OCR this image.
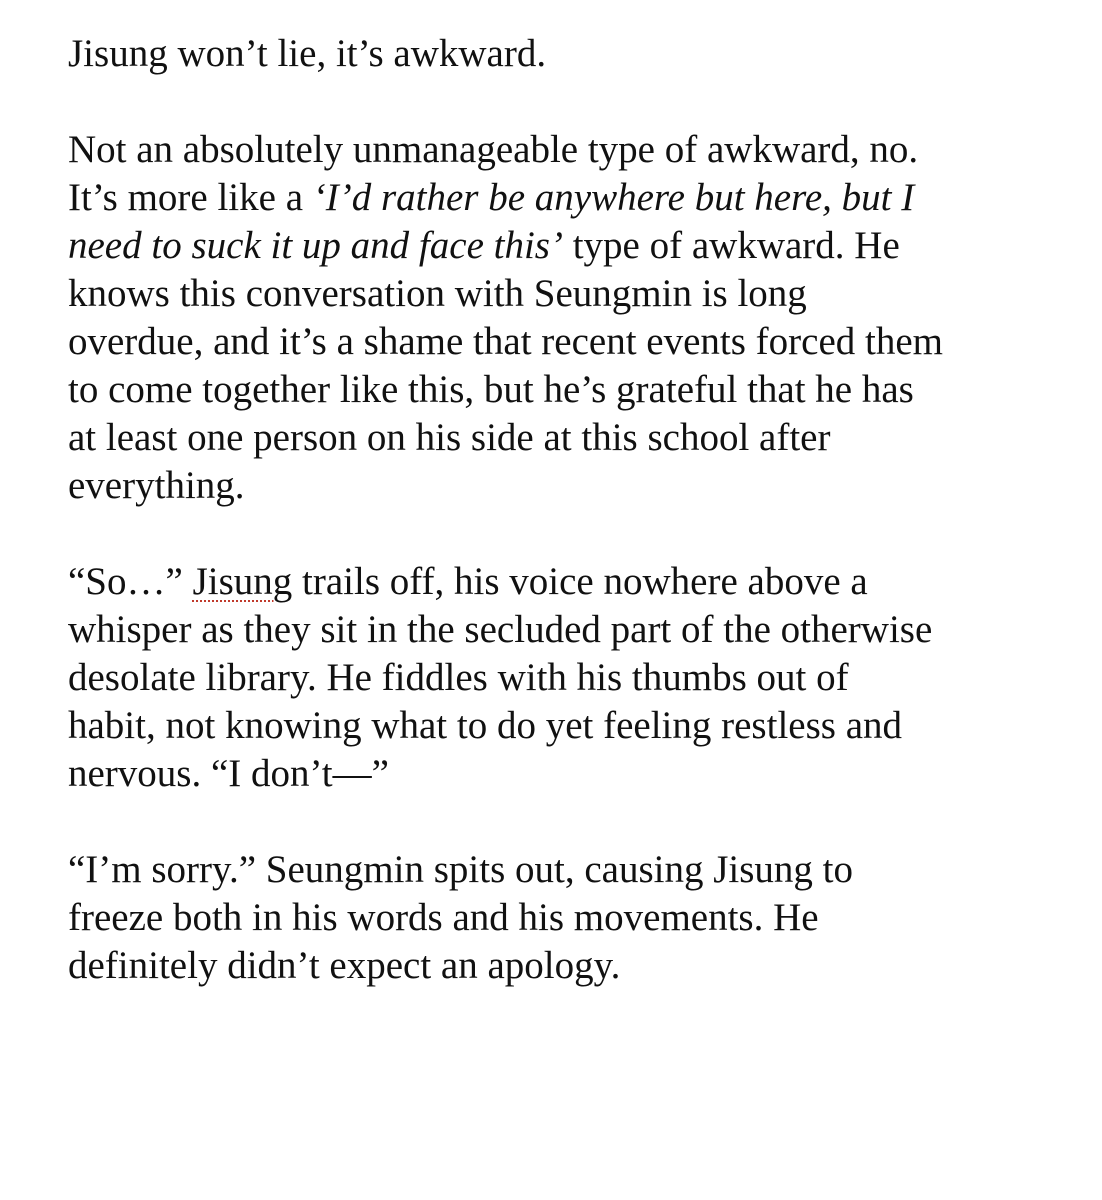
Jisung won’t lie, it’s awkward.
Not an absolutely unmanageable type of awkward, no.
It’s more like a ‘I’d rather be anywhere but here, but I
need to suck it up and face this’ type of awkward. He
knows this conversation with Seungmin is long
overdue, and it’s a shame that recent events forced them
to come together like this, but he’s grateful that he has
at least one person on his side at this school after
everything.
“So…” Jisung trails off, his voice nowhere above a
whisper as they sit in the secluded part of the otherwise
desolate library. He fiddles with his thumbs out of
habit, not knowing what to do yet feeling restless and
nervous. “I don’t—”
“I’m sorry.” Seungmin spits out, causing Jisung to
freeze both in his words and his movements. He
definitely didn’t expect an apology.
